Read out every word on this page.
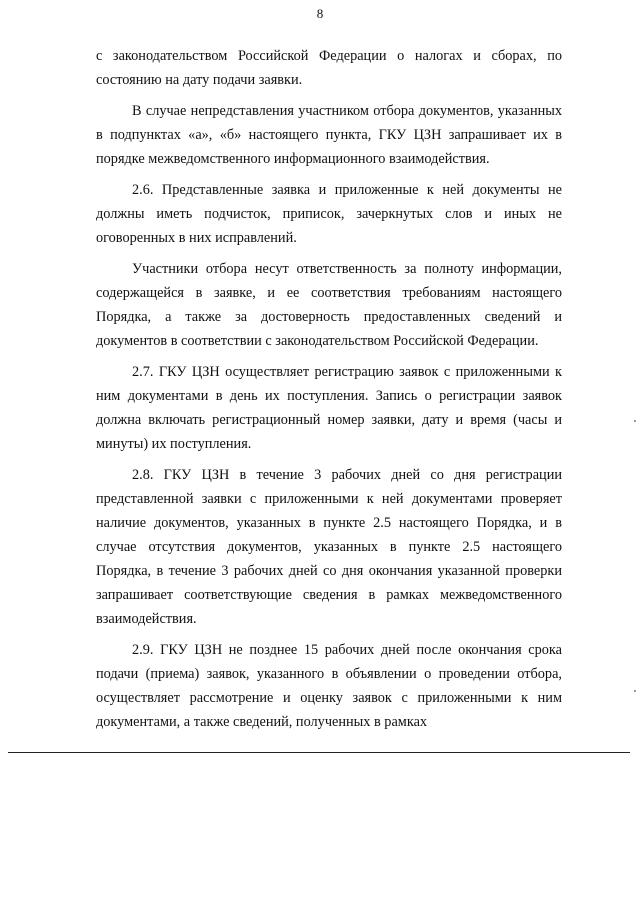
8

с законодательством Российской Федерации о налогах и сборах, по состоянию на дату подачи заявки.

В случае непредставления участником отбора документов, указанных в подпунктах «а», «б» настоящего пункта, ГКУ ЦЗН запрашивает их в порядке межведомственного информационного взаимодействия.

2.6. Представленные заявка и приложенные к ней документы не должны иметь подчисток, приписок, зачеркнутых слов и иных не оговоренных в них исправлений.

Участники отбора несут ответственность за полноту информации, содержащейся в заявке, и ее соответствия требованиям настоящего Порядка, а также за достоверность предоставленных сведений и документов в соответствии с законодательством Российской Федерации.

2.7. ГКУ ЦЗН осуществляет регистрацию заявок с приложенными к ним документами в день их поступления. Запись о регистрации заявок должна включать регистрационный номер заявки, дату и время (часы и минуты) их поступления.

2.8. ГКУ ЦЗН в течение 3 рабочих дней со дня регистрации представленной заявки с приложенными к ней документами проверяет наличие документов, указанных в пункте 2.5 настоящего Порядка, и в случае отсутствия документов, указанных в пункте 2.5 настоящего Порядка, в течение 3 рабочих дней со дня окончания указанной проверки запрашивает соответствующие сведения в рамках межведомственного взаимодействия.

2.9. ГКУ ЦЗН не позднее 15 рабочих дней после окончания срока подачи (приема) заявок, указанного в объявлении о проведении отбора, осуществляет рассмотрение и оценку заявок с приложенными к ним документами, а также сведений, полученных в рамках
